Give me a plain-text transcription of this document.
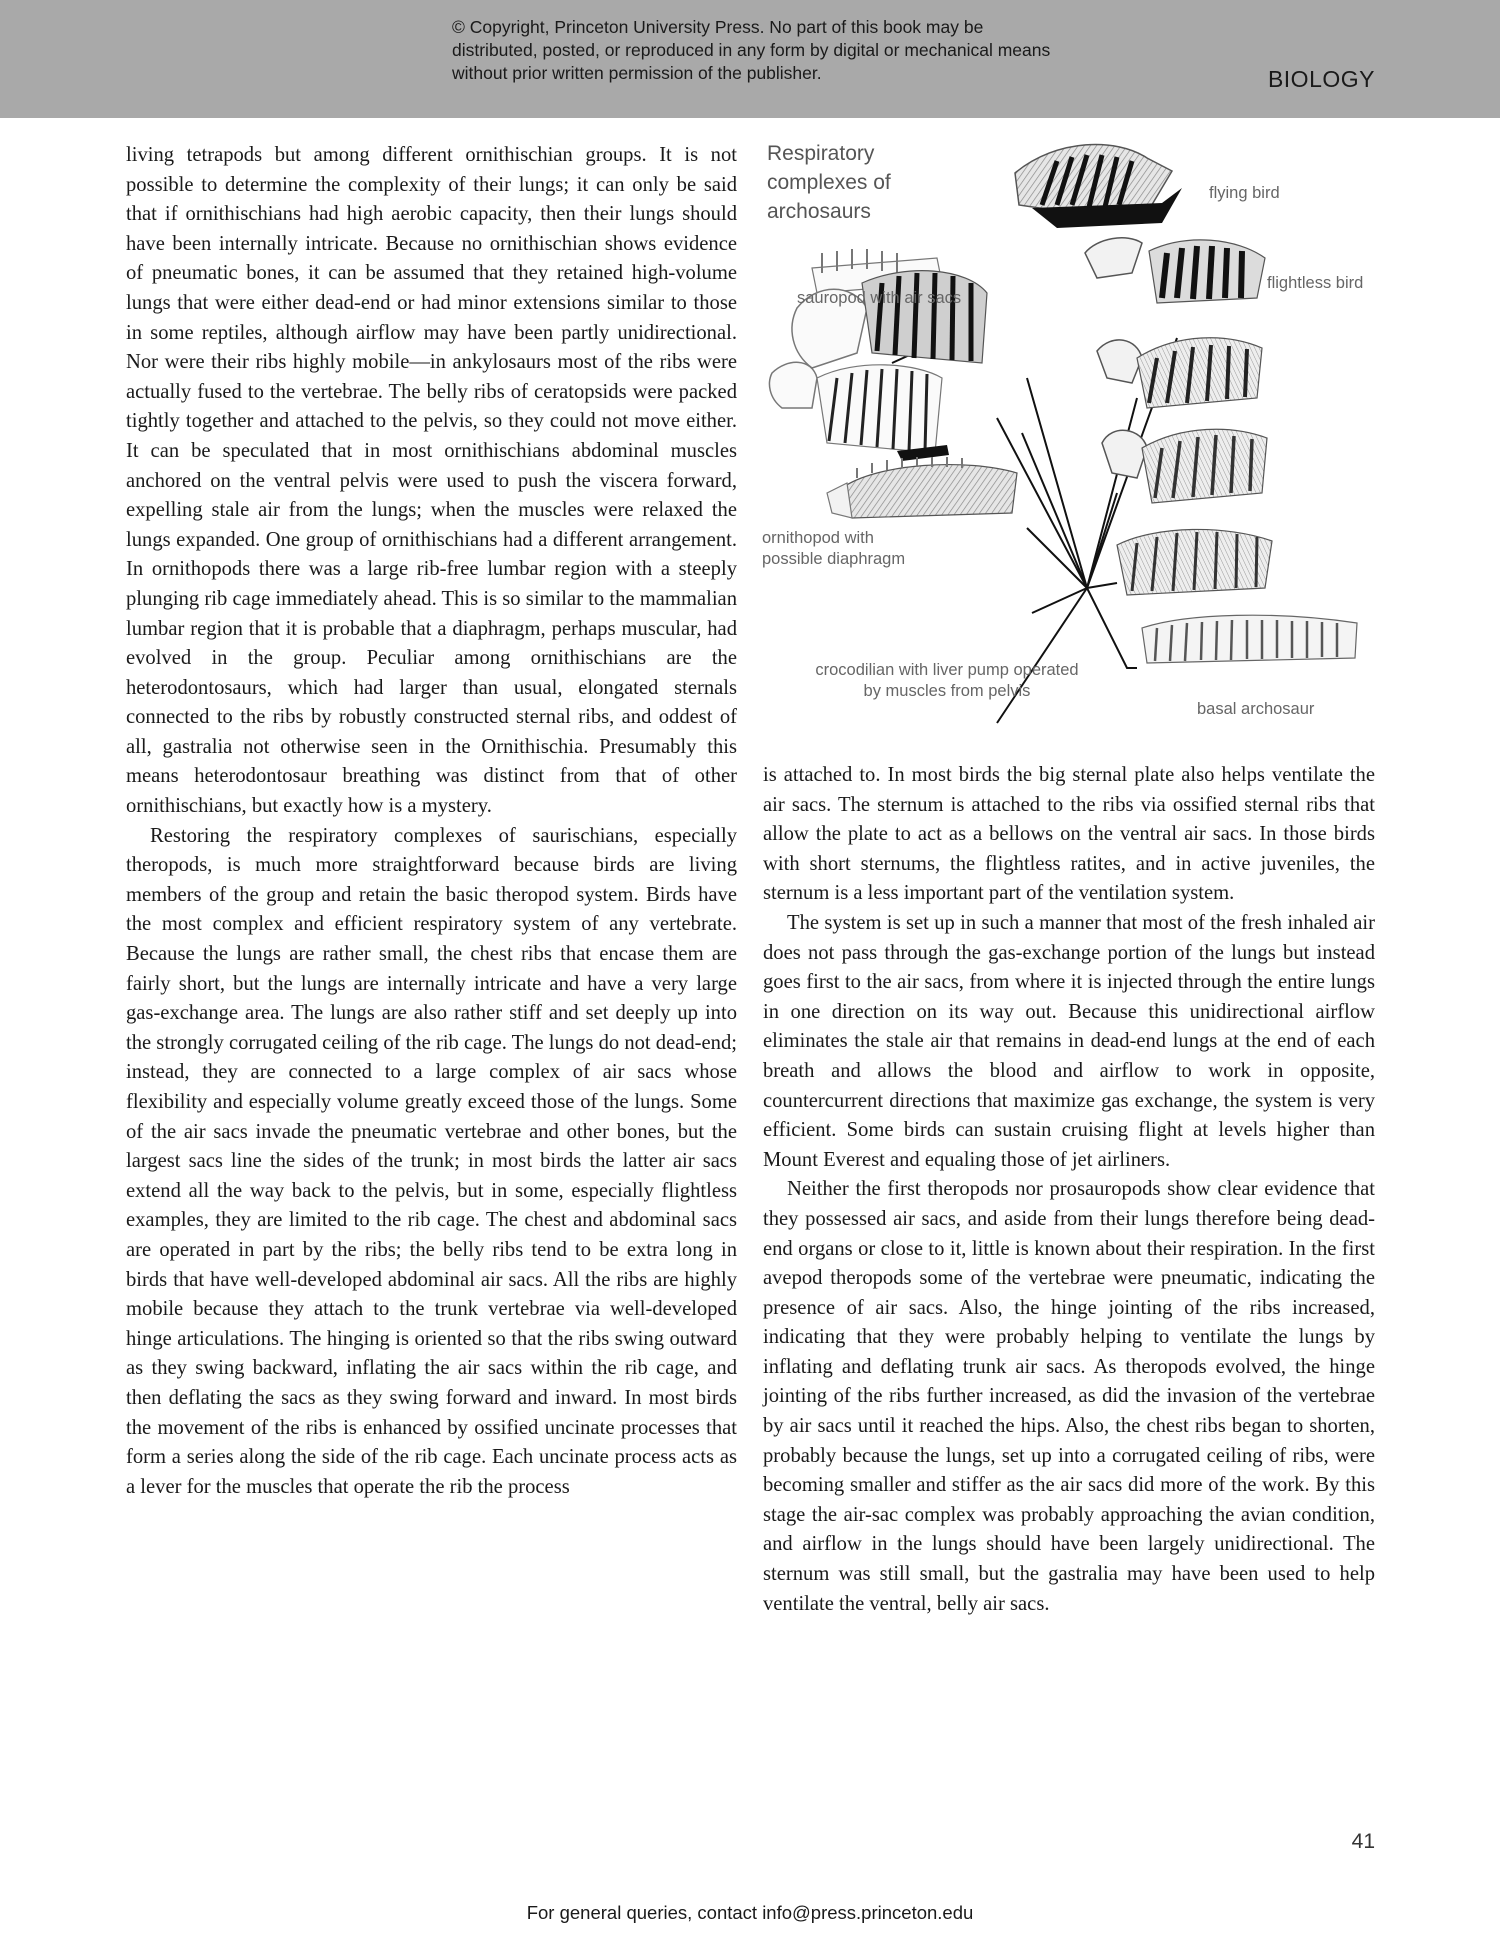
© Copyright, Princeton University Press. No part of this book may be distributed, posted, or reproduced in any form by digital or mechanical means without prior written permission of the publisher.	BIOLOGY

living tetrapods but among different ornithischian groups. It is not possible to determine the complexity of their lungs; it can only be said that if ornithischians had high aerobic capacity, then their lungs should have been internally intricate. Because no ornithischian shows evidence of pneumatic bones, it can be assumed that they retained high-volume lungs that were either dead-end or had minor extensions similar to those in some reptiles, although airflow may have been partly unidirectional. Nor were their ribs highly mobile—in ankylosaurs most of the ribs were actually fused to the vertebrae. The belly ribs of ceratopsids were packed tightly together and attached to the pelvis, so they could not move either. It can be speculated that in most ornithischians abdominal muscles anchored on the ventral pelvis were used to push the viscera forward, expelling stale air from the lungs; when the muscles were relaxed the lungs expanded. One group of ornithischians had a different arrangement. In ornithopods there was a large rib-free lumbar region with a steeply plunging rib cage immediately ahead. This is so similar to the mammalian lumbar region that it is probable that a diaphragm, perhaps muscular, had evolved in the group. Peculiar among ornithischians are the heterodontosaurs, which had larger than usual, elongated sternals connected to the ribs by robustly constructed sternal ribs, and oddest of all, gastralia not otherwise seen in the Ornithischia. Presumably this means heterodontosaur breathing was distinct from that of other ornithischians, but exactly how is a mystery.

Restoring the respiratory complexes of saurischians, especially theropods, is much more straightforward because birds are living members of the group and retain the basic theropod system. Birds have the most complex and efficient respiratory system of any vertebrate. Because the lungs are rather small, the chest ribs that encase them are fairly short, but the lungs are internally intricate and have a very large gas-exchange area. The lungs are also rather stiff and set deeply up into the strongly corrugated ceiling of the rib cage. The lungs do not dead-end; instead, they are connected to a large complex of air sacs whose flexibility and especially volume greatly exceed those of the lungs. Some of the air sacs invade the pneumatic vertebrae and other bones, but the largest sacs line the sides of the trunk; in most birds the latter air sacs extend all the way back to the pelvis, but in some, especially flightless examples, they are limited to the rib cage. The chest and abdominal sacs are operated in part by the ribs; the belly ribs tend to be extra long in birds that have well-developed abdominal air sacs. All the ribs are highly mobile because they attach to the trunk vertebrae via well-developed hinge articulations. The hinging is oriented so that the ribs swing outward as they swing backward, inflating the air sacs within the rib cage, and then deflating the sacs as they swing forward and inward. In most birds the movement of the ribs is enhanced by ossified uncinate processes that form a series along the side of the rib cage. Each uncinate process acts as a lever for the muscles that operate the rib the process

Respiratory complexes of archosaurs
flying bird
flightless bird
sauropod with air sacs
ornithopod with possible diaphragm
crocodilian with liver pump operated by muscles from pelvis
basal archosaur

is attached to. In most birds the big sternal plate also helps ventilate the air sacs. The sternum is attached to the ribs via ossified sternal ribs that allow the plate to act as a bellows on the ventral air sacs. In those birds with short sternums, the flightless ratites, and in active juveniles, the sternum is a less important part of the ventilation system.

The system is set up in such a manner that most of the fresh inhaled air does not pass through the gas-exchange portion of the lungs but instead goes first to the air sacs, from where it is injected through the entire lungs in one direction on its way out. Because this unidirectional airflow eliminates the stale air that remains in dead-end lungs at the end of each breath and allows the blood and airflow to work in opposite, countercurrent directions that maximize gas exchange, the system is very efficient. Some birds can sustain cruising flight at levels higher than Mount Everest and equaling those of jet airliners.

Neither the first theropods nor prosauropods show clear evidence that they possessed air sacs, and aside from their lungs therefore being dead-end organs or close to it, little is known about their respiration. In the first avepod theropods some of the vertebrae were pneumatic, indicating the presence of air sacs. Also, the hinge jointing of the ribs increased, indicating that they were probably helping to ventilate the lungs by inflating and deflating trunk air sacs. As theropods evolved, the hinge jointing of the ribs further increased, as did the invasion of the vertebrae by air sacs until it reached the hips. Also, the chest ribs began to shorten, probably because the lungs, set up into a corrugated ceiling of ribs, were becoming smaller and stiffer as the air sacs did more of the work. By this stage the air-sac complex was probably approaching the avian condition, and airflow in the lungs should have been largely unidirectional. The sternum was still small, but the gastralia may have been used to help ventilate the ventral, belly air sacs.

41
For general queries, contact info@press.princeton.edu
